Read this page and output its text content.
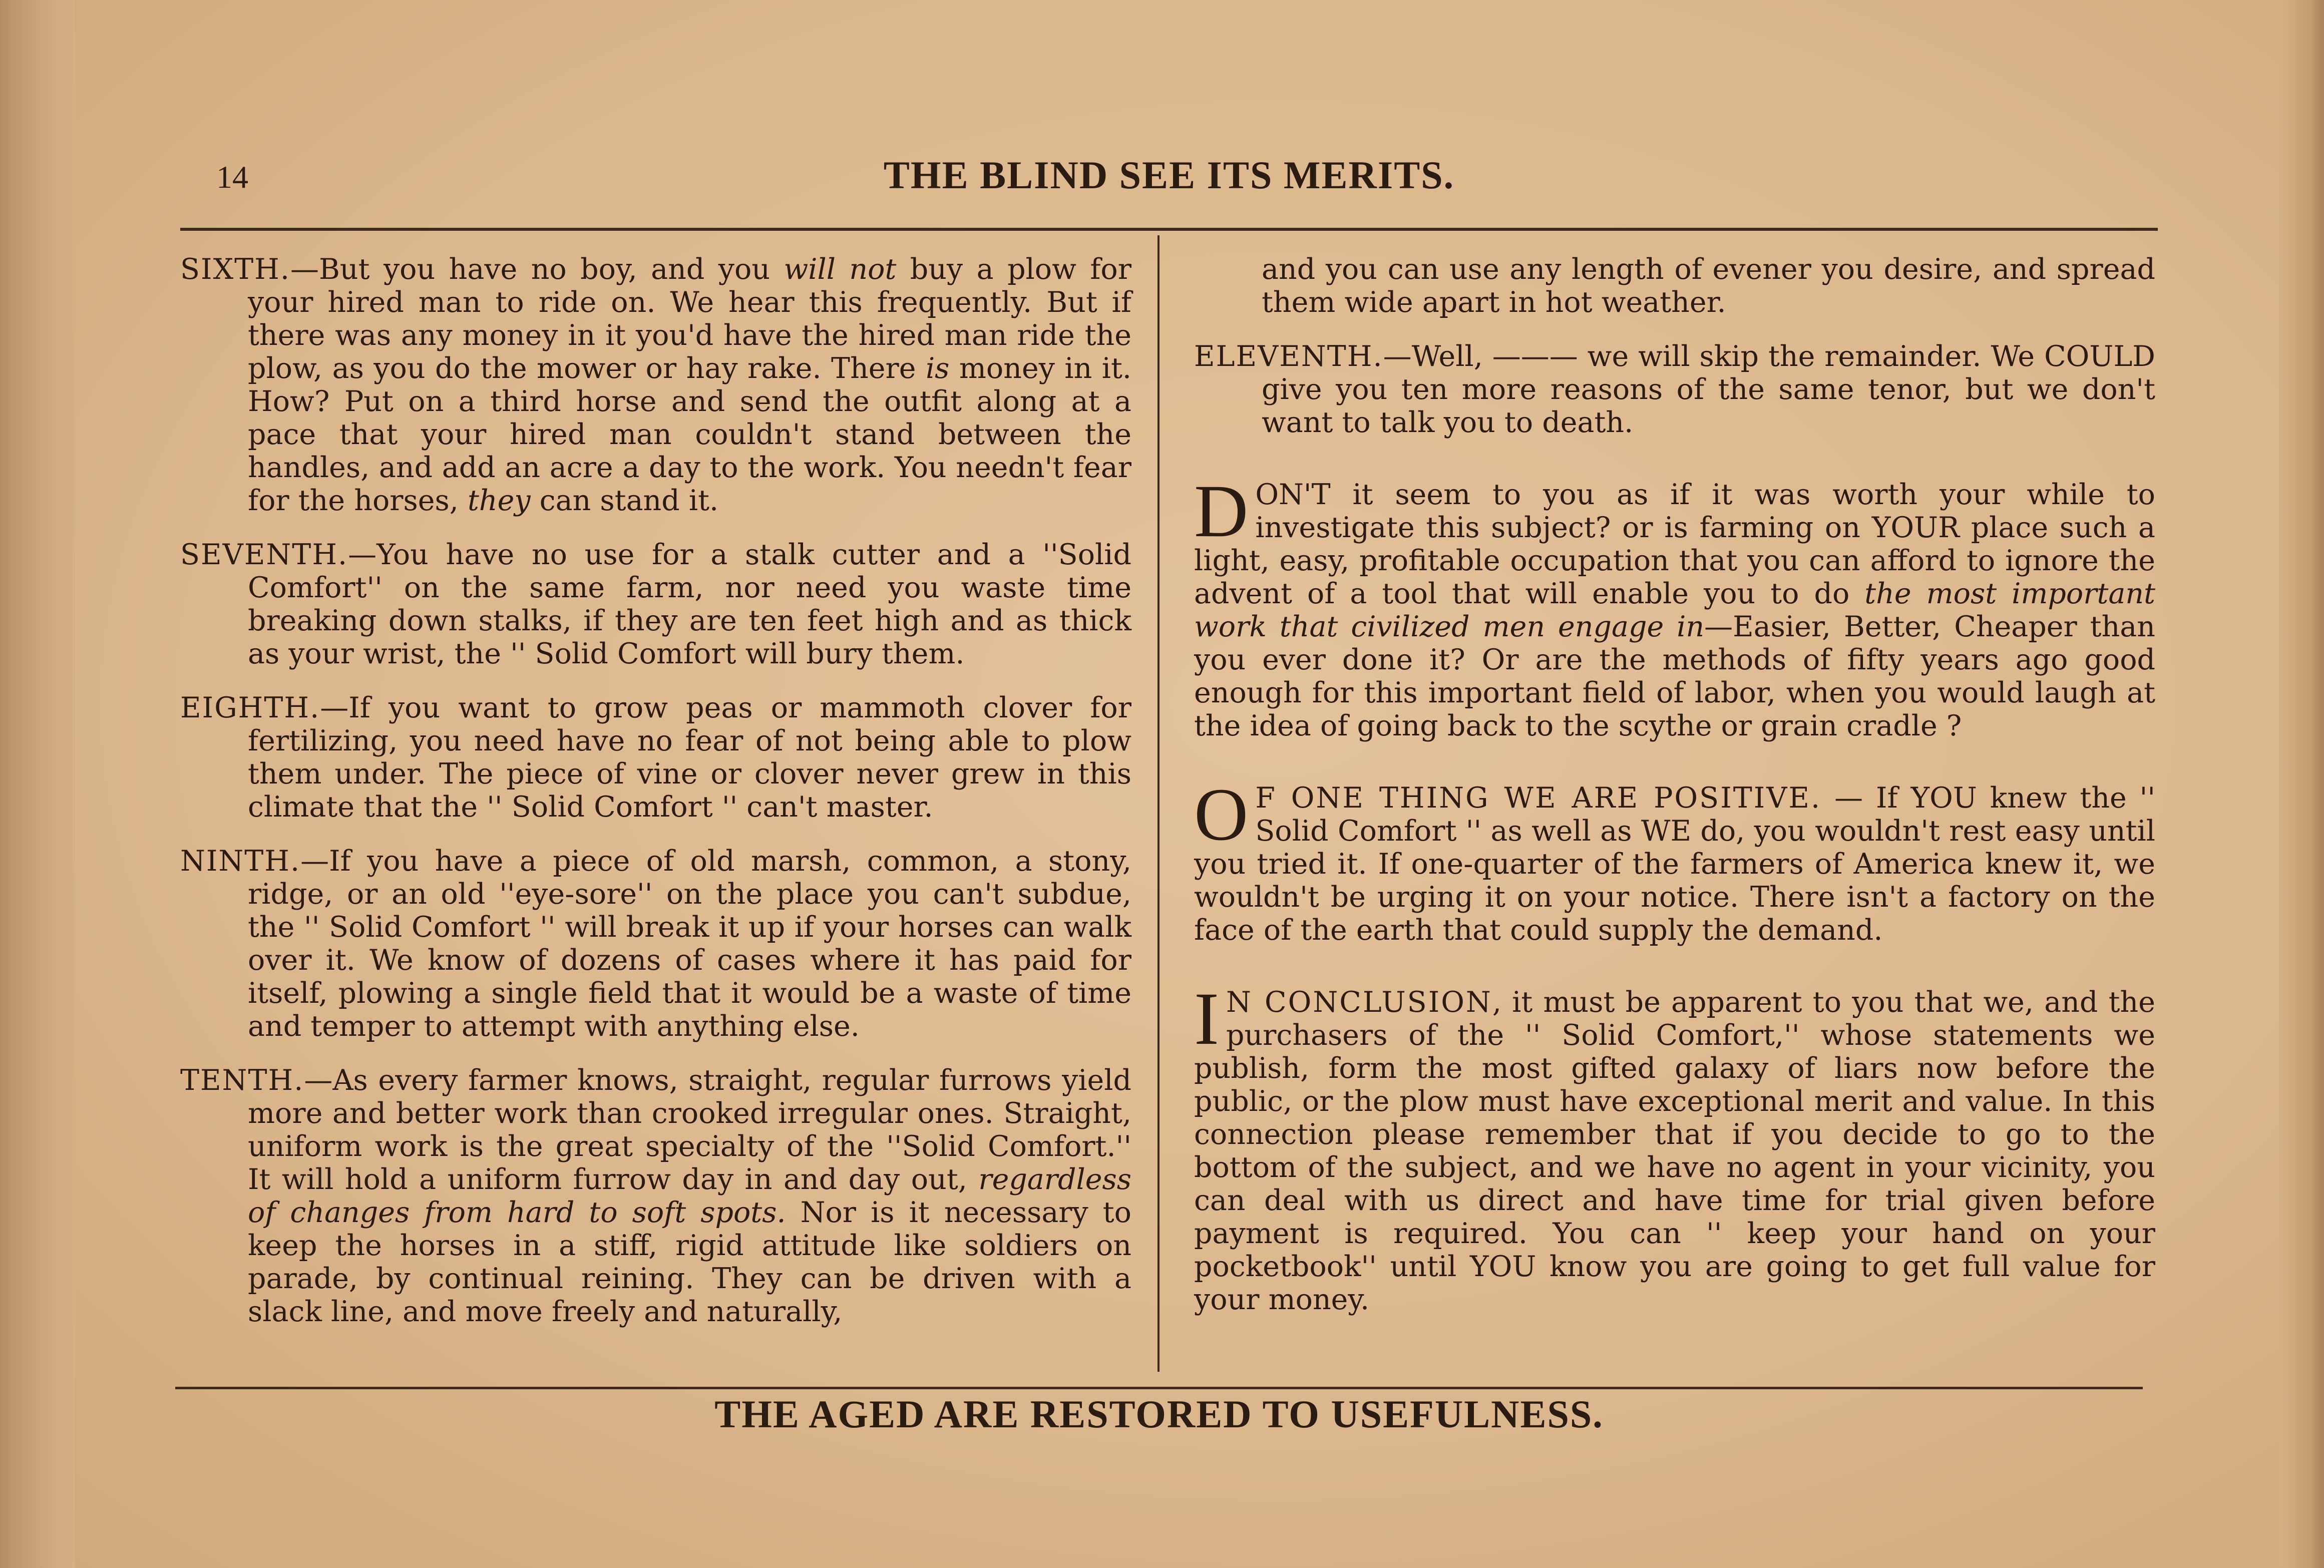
14	THE BLIND SEE ITS MERITS.

SIXTH.—But you have no boy, and you will not buy a plow for your hired man to ride on. We hear this frequently. But if there was any money in it you'd have the hired man ride the plow, as you do the mower or hay rake. There is money in it. How? Put on a third horse and send the outfit along at a pace that your hired man couldn't stand between the handles, and add an acre a day to the work. You needn't fear for the horses, they can stand it.

SEVENTH.—You have no use for a stalk cutter and a ''Solid Comfort'' on the same farm, nor need you waste time breaking down stalks, if they are ten feet high and as thick as your wrist, the '' Solid Comfort will bury them.

EIGHTH.—If you want to grow peas or mammoth clover for fertilizing, you need have no fear of not being able to plow them under. The piece of vine or clover never grew in this climate that the '' Solid Comfort '' can't master.

NINTH.—If you have a piece of old marsh, common, a stony, ridge, or an old ''eye-sore'' on the place you can't subdue, the '' Solid Comfort '' will break it up if your horses can walk over it. We know of dozens of cases where it has paid for itself, plowing a single field that it would be a waste of time and temper to attempt with anything else.

TENTH.—As every farmer knows, straight, regular furrows yield more and better work than crooked irregular ones. Straight, uniform work is the great specialty of the ''Solid Comfort.'' It will hold a uniform furrow day in and day out, regardless of changes from hard to soft spots. Nor is it necessary to keep the horses in a stiff, rigid attitude like soldiers on parade, by continual reining. They can be driven with a slack line, and move freely and naturally,

and you can use any length of evener you desire, and spread them wide apart in hot weather.

ELEVENTH.—Well, ——— we will skip the remainder. We COULD give you ten more reasons of the same tenor, but we don't want to talk you to death.

DON'T it seem to you as if it was worth your while to investigate this subject? or is farming on YOUR place such a light, easy, profitable occupation that you can afford to ignore the advent of a tool that will enable you to do the most important work that civilized men engage in—Easier, Better, Cheaper than you ever done it? Or are the methods of fifty years ago good enough for this important field of labor, when you would laugh at the idea of going back to the scythe or grain cradle ?

O F ONE THING WE ARE POSITIVE. — If YOU knew the '' Solid Comfort '' as well as WE do, you wouldn't rest easy until you tried it. If one-quarter of the farmers of America knew it, we wouldn't be urging it on your notice. There isn't a factory on the face of the earth that could supply the demand.

I N CONCLUSION, it must be apparent to you that we, and the purchasers of the '' Solid Comfort,'' whose statements we publish, form the most gifted galaxy of liars now before the public, or the plow must have exceptional merit and value. In this connection please remember that if you decide to go to the bottom of the subject, and we have no agent in your vicinity, you can deal with us direct and have time for trial given before payment is required. You can '' keep your hand on your pocketbook'' until YOU know you are going to get full value for your money.

THE AGED ARE RESTORED TO USEFULNESS.
